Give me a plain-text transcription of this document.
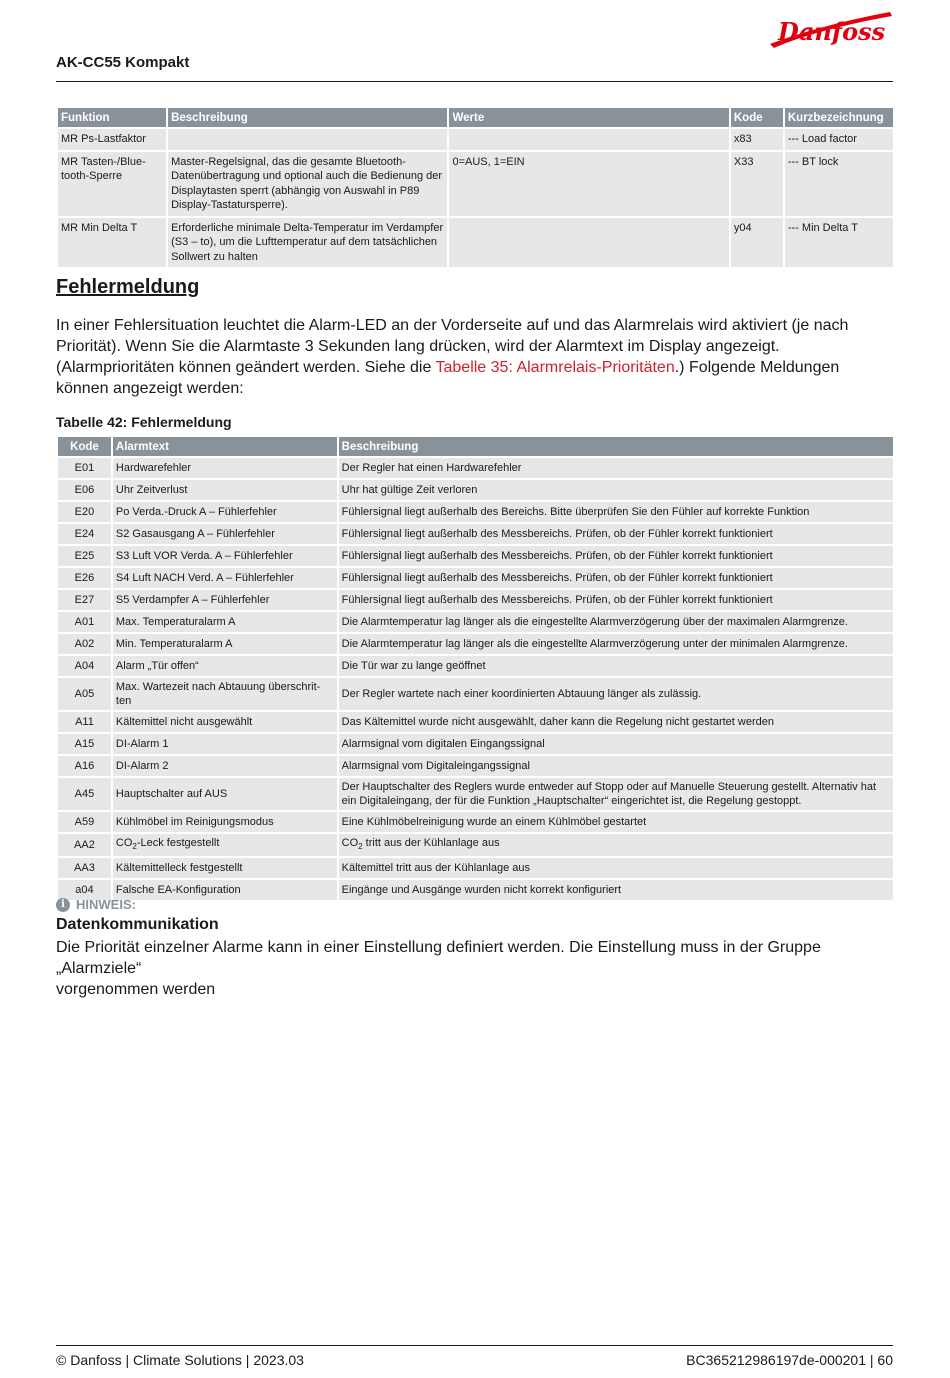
AK-CC55 Kompakt
Danfoss
Funktion	Beschreibung	Werte	Kode	Kurzbezeichnung
MR Ps-Lastfaktor			x83	--- Load factor
MR Tasten-/Blue-tooth-Sperre	Master-Regelsignal, das die gesamte Bluetooth-Datenübertragung und optional auch die Bedienung der Displaytasten sperrt (abhängig von Auswahl in P89 Display-Tastatursperre).	0=AUS, 1=EIN	X33	--- BT lock
MR Min Delta T	Erforderliche minimale Delta-Temperatur im Verdampfer (S3 – to), um die Lufttemperatur auf dem tatsächlichen Sollwert zu halten		y04	--- Min Delta T
Fehlermeldung
In einer Fehlersituation leuchtet die Alarm-LED an der Vorderseite auf und das Alarmrelais wird aktiviert (je nach Priorität). Wenn Sie die Alarmtaste 3 Sekunden lang drücken, wird der Alarmtext im Display angezeigt. (Alarmprioritäten können geändert werden. Siehe die Tabelle 35: Alarmrelais-Prioritäten.) Folgende Meldungen können angezeigt werden:
Tabelle 42: Fehlermeldung
Kode	Alarmtext	Beschreibung
E01	Hardwarefehler	Der Regler hat einen Hardwarefehler
E06	Uhr Zeitverlust	Uhr hat gültige Zeit verloren
E20	Po Verda.-Druck A – Fühlerfehler	Fühlersignal liegt außerhalb des Bereichs. Bitte überprüfen Sie den Fühler auf korrekte Funktion
E24	S2 Gasausgang A – Fühlerfehler	Fühlersignal liegt außerhalb des Messbereichs. Prüfen, ob der Fühler korrekt funktioniert
E25	S3 Luft VOR Verda. A – Fühlerfehler	Fühlersignal liegt außerhalb des Messbereichs. Prüfen, ob der Fühler korrekt funktioniert
E26	S4 Luft NACH Verd. A – Fühlerfehler	Fühlersignal liegt außerhalb des Messbereichs. Prüfen, ob der Fühler korrekt funktioniert
E27	S5 Verdampfer A – Fühlerfehler	Fühlersignal liegt außerhalb des Messbereichs. Prüfen, ob der Fühler korrekt funktioniert
A01	Max. Temperaturalarm A	Die Alarmtemperatur lag länger als die eingestellte Alarmverzögerung über der maximalen Alarmgrenze.
A02	Min. Temperaturalarm A	Die Alarmtemperatur lag länger als die eingestellte Alarmverzögerung unter der minimalen Alarmgrenze.
A04	Alarm „Tür offen“	Die Tür war zu lange geöffnet
A05	Max. Wartezeit nach Abtauung überschrit-ten	Der Regler wartete nach einer koordinierten Abtauung länger als zulässig.
A11	Kältemittel nicht ausgewählt	Das Kältemittel wurde nicht ausgewählt, daher kann die Regelung nicht gestartet werden
A15	DI-Alarm 1	Alarmsignal vom digitalen Eingangssignal
A16	DI-Alarm 2	Alarmsignal vom Digitaleingangssignal
A45	Hauptschalter auf AUS	Der Hauptschalter des Reglers wurde entweder auf Stopp oder auf Manuelle Steuerung gestellt. Alternativ hat ein Digitaleingang, der für die Funktion „Hauptschalter“ eingerichtet ist, die Regelung gestoppt.
A59	Kühlmöbel im Reinigungsmodus	Eine Kühlmöbelreinigung wurde an einem Kühlmöbel gestartet
AA2	$CO_2$-Leck festgestellt	$CO_2$ tritt aus der Kühlanlage aus
AA3	Kältemittelleck festgestellt	Kältemittel tritt aus der Kühlanlage aus
a04	Falsche EA-Konfiguration	Eingänge und Ausgänge wurden nicht korrekt konfiguriert
i HINWEIS:
Datenkommunikation
Die Priorität einzelner Alarme kann in einer Einstellung definiert werden. Die Einstellung muss in der Gruppe „Alarmziele“
vorgenommen werden
© Danfoss | Climate Solutions | 2023.03	BC365212986197de-000201 | 60
